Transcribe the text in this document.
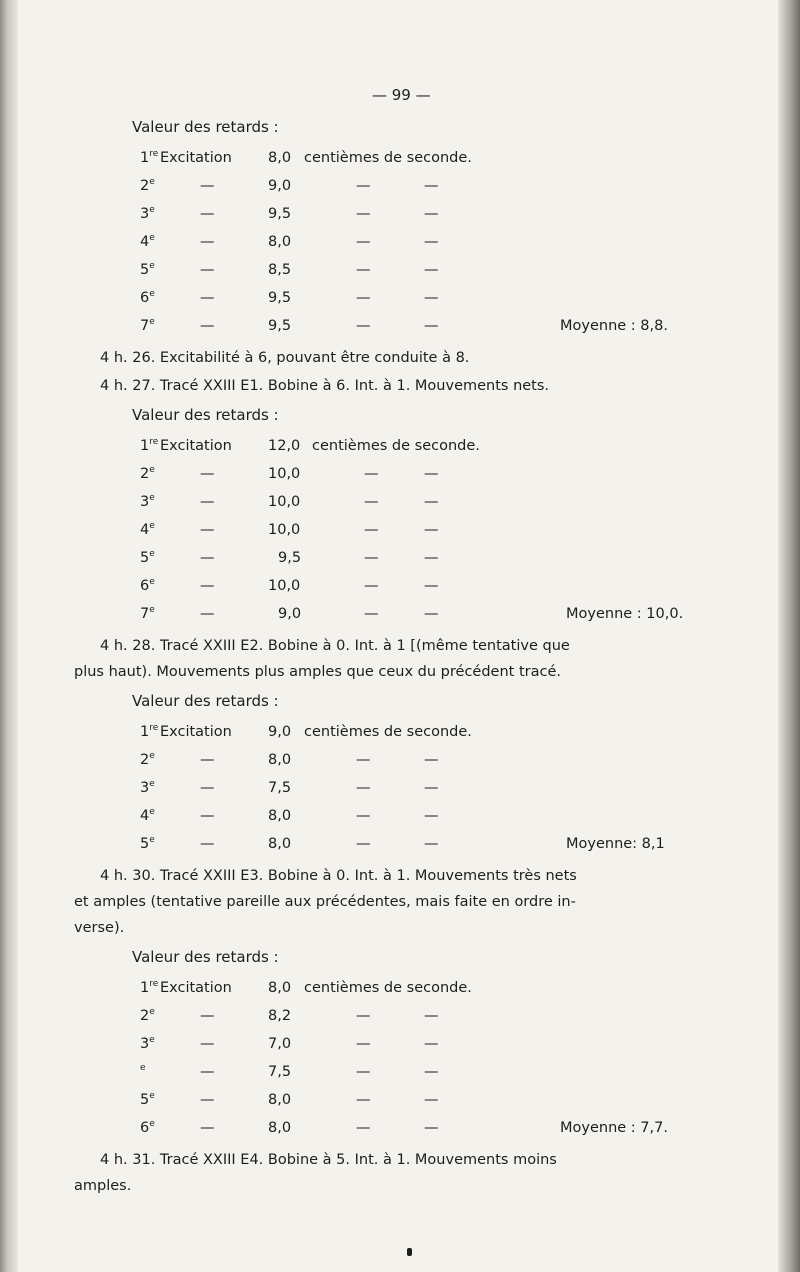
— 99 —
Valeur des retards :
1re Excitation 8,0 centièmes de seconde.
2e	—	9,0	—	—
3e	—	9,5	—	—
4e	—	8,0	—	—
5e	—	8,5	—	—
6e	—	9,5	—	—
7e	—	9,5	—	—	Moyenne : 8,8.
4 h. 26. Excitabilité à 6, pouvant être conduite à 8.
4 h. 27. Tracé XXIII E1. Bobine à 6. Int. à 1. Mouvements nets.
Valeur des retards :
1re Excitation 12,0 centièmes de seconde.
2e	—	10,0	—	—
3e	—	10,0	—	—
4e	—	10,0	—	—
5e	—	9,5	—	—
6e	—	10,0	—	—
7e	—	9,0	—	—	Moyenne : 10,0.
4 h. 28. Tracé XXIII E2. Bobine à 0. Int. à 1 [(même tentative que
plus haut). Mouvements plus amples que ceux du précédent tracé.
Valeur des retards :
1re Excitation 9,0 centièmes de seconde.
2e	—	8,0	—	—
3e	—	7,5	—	—
4e	—	8,0	—	—
5e	—	8,0	—	—	Moyenne: 8,1
4 h. 30. Tracé XXIII E3. Bobine à 0. Int. à 1. Mouvements très nets
et amples (tentative pareille aux précédentes, mais faite en ordre in-
verse).
Valeur des retards :
1re Excitation 8,0 centièmes de seconde.
2e	—	8,2	—	—
3e	—	7,0	—	—
$^e$	—	7,5	—	—
5e	—	8,0	—	—
6e	—	8,0	—	—	Moyenne : 7,7.
4 h. 31. Tracé XXIII E4. Bobine à 5. Int. à 1. Mouvements moins
amples.
